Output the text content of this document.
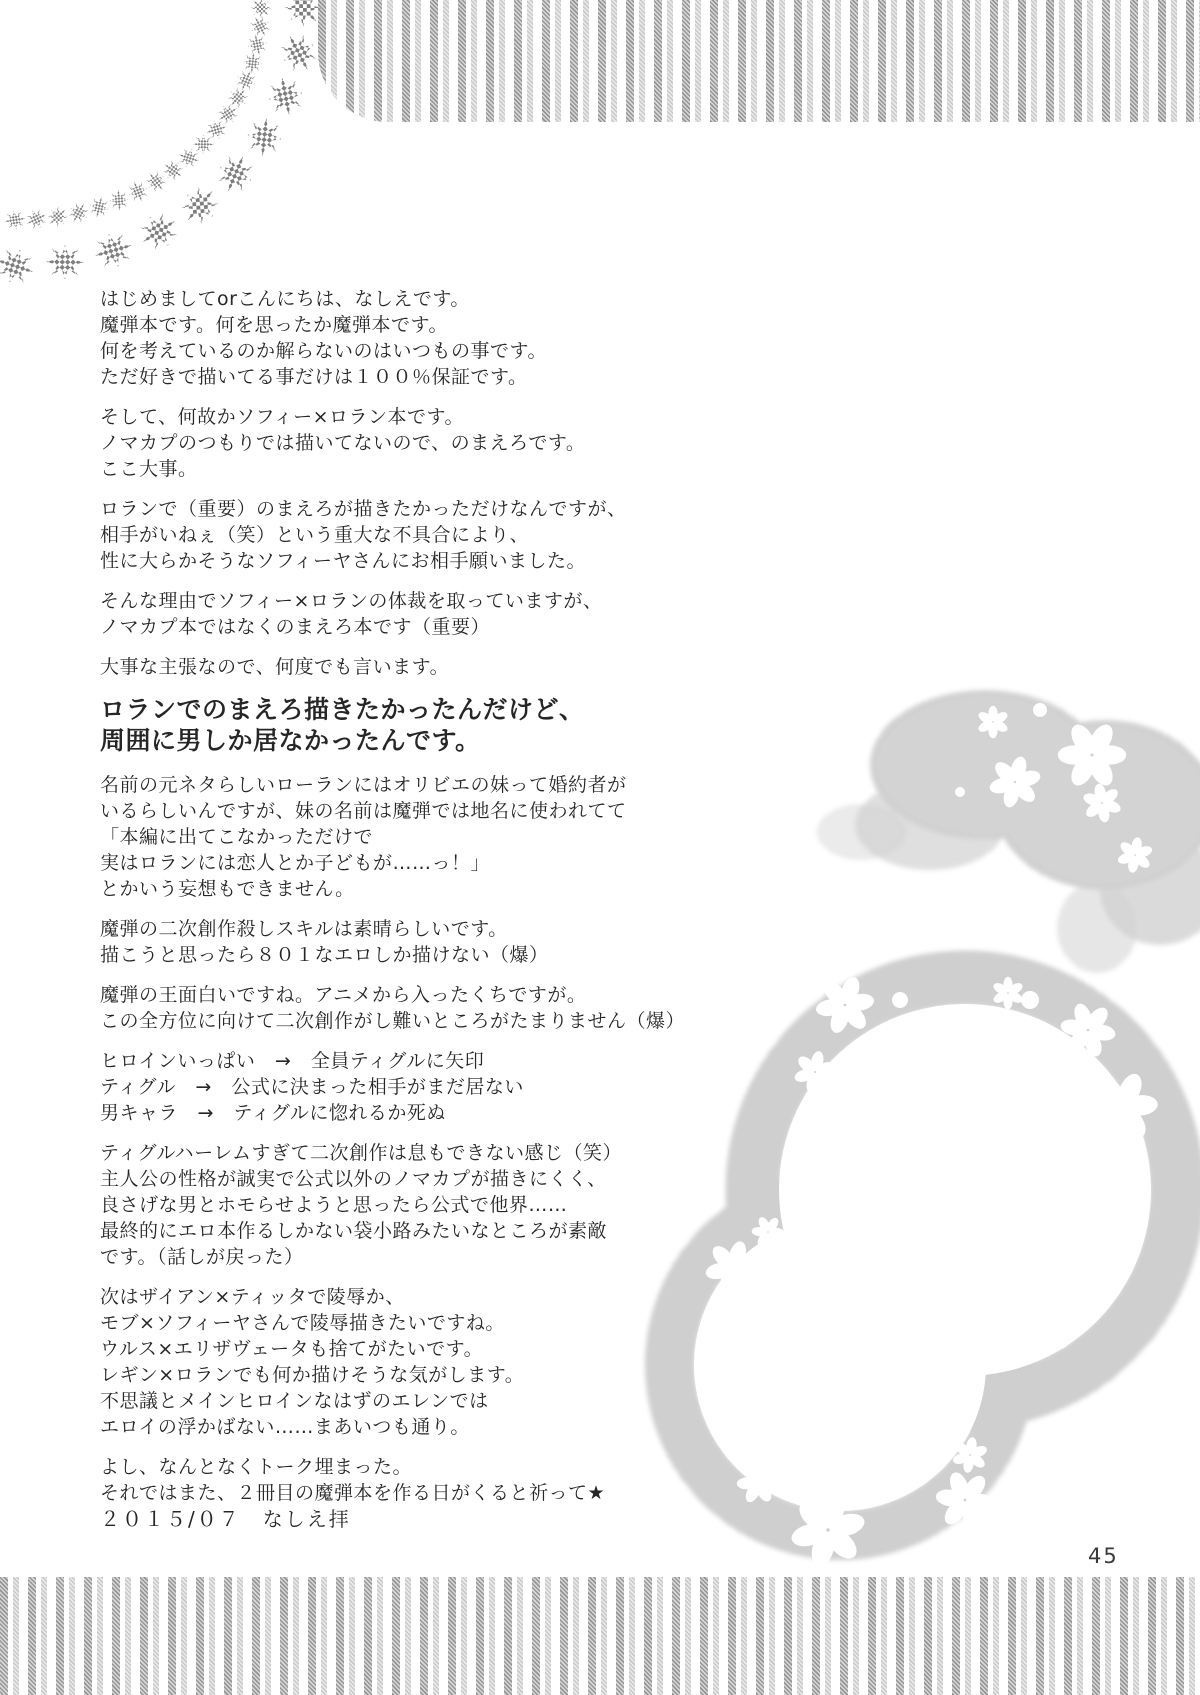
はじめましてorこんにちは、なしえです。
魔弾本です。何を思ったか魔弾本です。
何を考えているのか解らないのはいつもの事です。
ただ好きで描いてる事だけは１００％保証です。

そして、何故かソフィー×ロラン本です。
ノマカプのつもりでは描いてないので、のまえろです。
ここ大事。

ロランで（重要）のまえろが描きたかっただけなんですが、
相手がいねぇ（笑）という重大な不具合により、
性に大らかそうなソフィーヤさんにお相手願いました。

そんな理由でソフィー×ロランの体裁を取っていますが、
ノマカプ本ではなくのまえろ本です（重要）

大事な主張なので、何度でも言います。

ロランでのまえろ描きたかったんだけど、
周囲に男しか居なかったんです。

名前の元ネタらしいローランにはオリビエの妹って婚約者が
いるらしいんですが、妹の名前は魔弾では地名に使われてて
「本編に出てこなかっただけで
実はロランには恋人とか子どもが……っ！」
とかいう妄想もできません。

魔弾の二次創作殺しスキルは素晴らしいです。
描こうと思ったら８０１なエロしか描けない（爆）

魔弾の王面白いですね。アニメから入ったくちですが。
この全方位に向けて二次創作がし難いところがたまりません（爆）

ヒロインいっぱい　→　全員ティグルに矢印
ティグル　→　公式に決まった相手がまだ居ない
男キャラ　→　ティグルに惚れるか死ぬ

ティグルハーレムすぎて二次創作は息もできない感じ（笑）
主人公の性格が誠実で公式以外のノマカプが描きにくく、
良さげな男とホモらせようと思ったら公式で他界……
最終的にエロ本作るしかない袋小路みたいなところが素敵
です。（話しが戻った）

次はザイアン×ティッタで陵辱か、
モブ×ソフィーヤさんで陵辱描きたいですね。
ウルス×エリザヴェータも捨てがたいです。
レギン×ロランでも何か描けそうな気がします。
不思議とメインヒロインなはずのエレンでは
エロイの浮かばない……まあいつも通り。

よし、なんとなくトーク埋まった。
それではまた、２冊目の魔弾本を作る日がくると祈って★

２０１５/０７　なしえ拝
45
